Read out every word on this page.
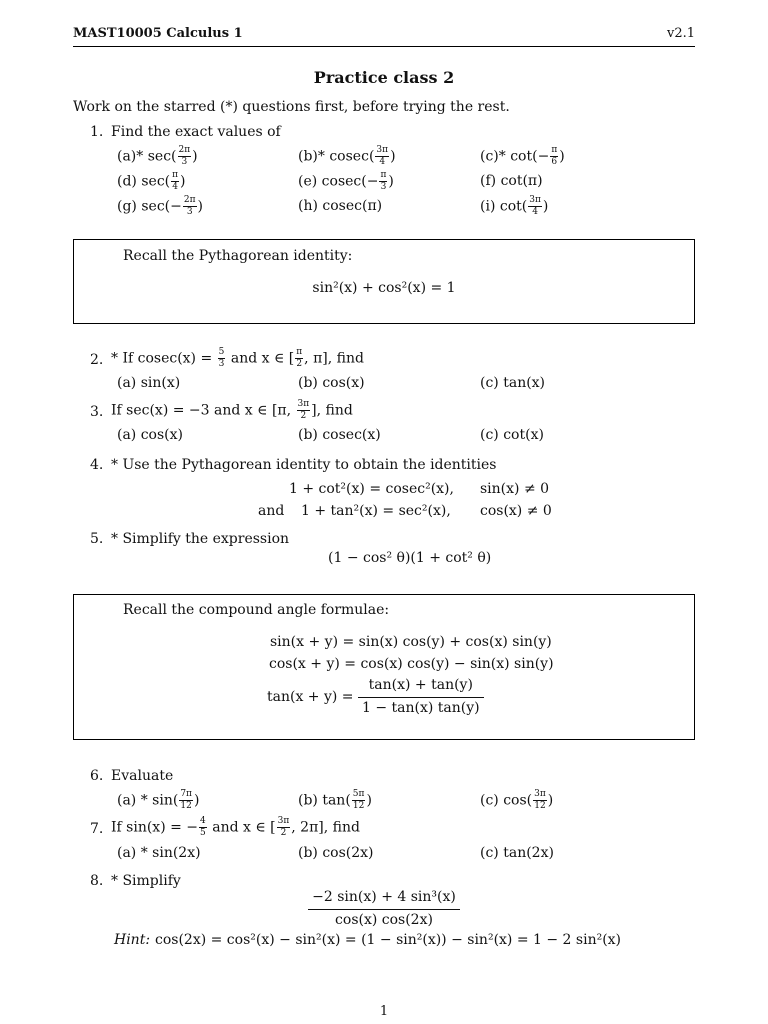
MAST10005 Calculus 1	v2.1
Practice class 2
Work on the starred (*) questions first, before trying the rest.
1. Find the exact values of
(a)* $\sec( \frac{2\pi}{3}$ )	(b)* $cosec( \frac{3\pi}{4}$ )	(c)* $\cot(- \frac{\pi}{6}$ )
(d) $\sec( \frac{\pi}{4}$ )	(e) $cosec(- \frac{\pi}{3}$ )	(f) cot(π)
(g) $\sec(- \frac{2\pi}{3}$ )	(h) cosec(π)	(i) $\cot( \frac{3\pi}{4}$ )
Recall the Pythagorean identity:
sin²(x) + cos²(x) = 1
2. * If $cosec(x) = \frac{5}{3}$ and x ∈ [ $\frac{\pi}{2}$ , π], find
(a) sin(x)	(b) cos(x)	(c) tan(x)
3. If sec(x) = −3 and x ∈ [π, $\frac{3\pi}{2}$ ], find
(a) cos(x)	(b) cosec(x)	(c) cot(x)
4. * Use the Pythagorean identity to obtain the identities
1 + cot²(x) = cosec²(x), sin(x) ≠ 0
and 1 + tan²(x) = sec²(x), cos(x) ≠ 0
5. * Simplify the expression
(1 − cos² θ)(1 + cot² θ)
Recall the compound angle formulae:
sin(x + y) = sin(x) cos(y) + cos(x) sin(y)
cos(x + y) = cos(x) cos(y) − sin(x) sin(y)
$\tan(x + y) = \frac{\tan(x) + \tan(y)}{1 - \tan(x) \tan(y)}$
6. Evaluate
$(a) * \sin( \frac{7\pi}{12}$ )	(b) $\tan( \frac{5\pi}{12}$ )	(c) $\cos( \frac{3\pi}{12}$ )
7. If sin(x) = − $\frac{4}{5}$ and x ∈ [ $\frac{3\pi}{2}$ , 2π], find
(a) * sin(2x)	(b) cos(2x)	(c) tan(2x)
8. * Simplify
$\frac{\text{−2 sin(x) + 4 sin³(x)}}{\cos(x) \cos(2x)}$
Hint: cos(2x) = cos²(x) − sin²(x) = (1 − sin²(x)) − sin²(x) = 1 − 2 sin²(x)
1
